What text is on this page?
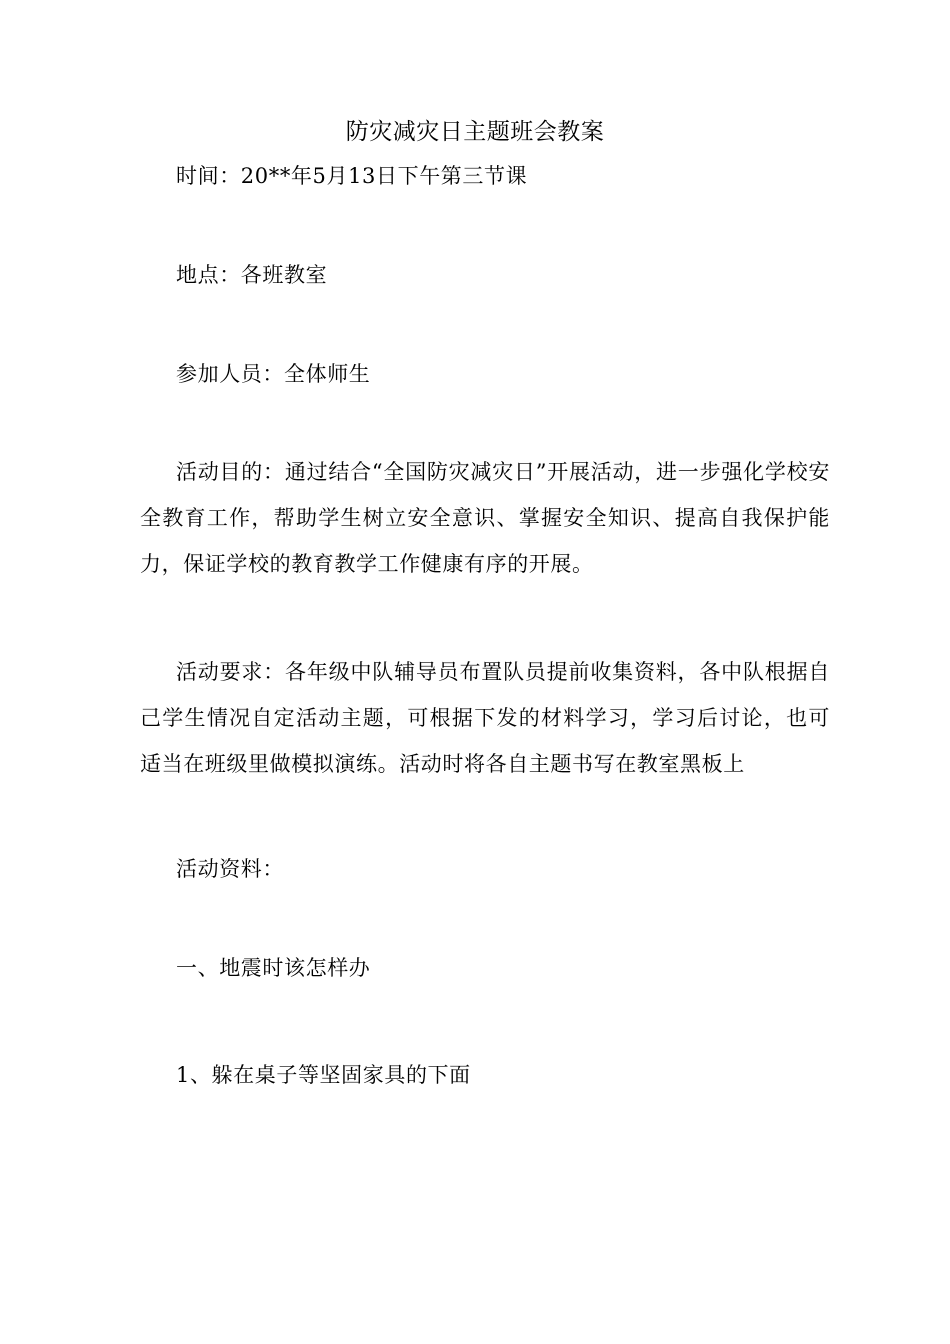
防灾减灾日主题班会教案
时间：20**年5月13日下午第三节课
地点：各班教室
参加人员：全体师生
活动目的：通过结合“全国防灾减灾日”开展活动，进一步强化学校安全教育工作，帮助学生树立安全意识、掌握安全知识、提高自我保护能力，保证学校的教育教学工作健康有序的开展。
活动要求：各年级中队辅导员布置队员提前收集资料，各中队根据自己学生情况自定活动主题，可根据下发的材料学习，学习后讨论，也可适当在班级里做模拟演练。活动时将各自主题书写在教室黑板上
活动资料：
一、地震时该怎样办
1、躲在桌子等坚固家具的下面
